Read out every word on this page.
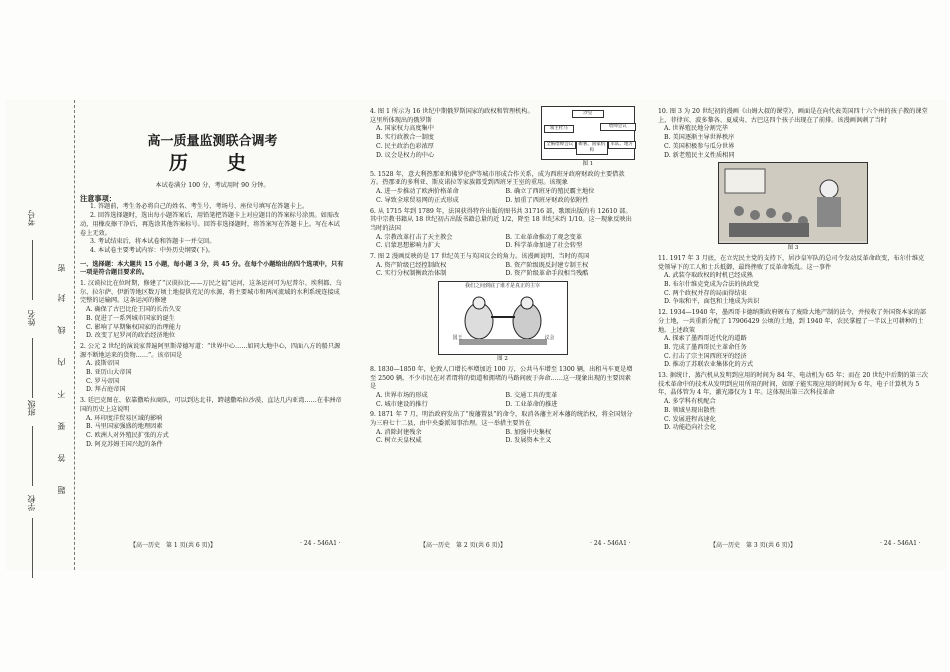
考号
姓名
班级
学校
密
封
线
内
不
要
答
题
高一质量监测联合调考
历　史
本试卷满分 100 分，考试用时 90 分钟。
注意事项：
1. 答题前，考生务必将自己的姓名、考生号、考场号、座位号填写在答题卡上。
2. 回答选择题时，选出每小题答案后，用铅笔把答题卡上对应题目的答案标号涂黑。如需改动，用橡皮擦干净后，再选涂其他答案标号。回答非选择题时，将答案写在答题卡上。写在本试卷上无效。
3. 考试结束后，将本试卷和答题卡一并交回。
4. 本试卷主要考试内容：中外历史纲要(下)。
一、选择题：本大题共 15 小题，每小题 3 分，共 45 分。在每个小题给出的四个选项中，只有一项是符合题目要求的。
1. 汉谟拉比在位时期，修建了“汉谟拉比——万民之福”运河，这条运河可为尼普尔、埃利都、乌尔、拉尔萨、伊新等地区数万顷土地提供充足的水源，将主要城市和两河流域的水利系统连接成完整的运输网。这条运河的修建
A. 确保了古巴比伦王国的长治久安
B. 促进了一系列城市国家的诞生
C. 影响了早期集权国家的治理能力
D. 改变了尼罗河的政治经济地位
2. 公元 2 世纪的演说家普遍阿里斯蒂德写道：“世界中心……如同大地中心，四面八方的船只源源不断地运来的货物……”。该帝国是
A. 波斯帝国
B. 亚历山大帝国
C. 罗马帝国
D. 拜占庭帝国
3. 廷巴克图在、依靠撒哈拉商队，可以到达北非，跨越撒哈拉沙漠，直达几内亚湾……在非洲帝国的历史上这说明
A. 环印度洋贸易区域的影响
B. 马里国家强盛的地理因素
C. 欧洲人对外殖民扩张的方式
D. 阿克苏姆王国兴起的条件
【高一历史　第 1 页(共 6 页)】	· 24 - 546A1 ·
4. 图 1 所示为 16 世纪中期俄罗斯国家的政权和管理机构。这里所体现出的俄罗斯
A. 国家权力高度集中
B. 实行政教合一制度
C. 民主政治色彩浓厚
D. 议会是权力的中心
沙皇
领主杜马	缙绅会议
全俄缙绅会议	衙署、国家机构
军队、地方
图 1
5. 1528 年，意大利热那亚和佛罗伦萨等城市形成合作关系，成为西班牙政府财政的主要借款方。热那亚的多利亚、斯皮诺拉等家族都受到西班牙王室的重用。该现象
A. 进一步推动了欧洲价格革命	B. 确立了西班牙的殖民霸主地位
C. 导致全球贸易网的正式形成	D. 加重了西班牙财政的依附性
6. 从 1715 年到 1789 年，法国获得特许出版的图书共 31716 部，歌颂出版的有 12610 部。其中宗教书籍从 18 世纪初占出版书籍总量的近 1/2，降至 18 世纪末约 1/10。这一现象反映出当时的法国
A. 宗教改革打击了天主教会	B. 工业革命推动了观念变革
C. 启蒙思想影响力扩大	D. 科学革命加速了社会转型
7. 图 2 漫画反映的是 17 世纪英王与英国议会的角力。该漫画说明，当时的英国
A. 资产阶级已经控制政权	B. 资产阶级既反封建专制王权
C. 实行分权制衡政治体制	D. 资产阶级革命手段相当残酷
我们之间到底了谁才是真正的主宰
国王	议会
图 2
8. 1830—1850 年，伦敦人口增长率增加近 100 万，公共马车增至 1300 辆，出租马车更是增至 2500 辆。不少市民在对者谓将的街道和拥堵的马路间疲于奔命……这一现象出现的主要因素是
A. 世界市场的形成	B. 交通工具的变革
C. 城市建设的推行	D. 工业革命的推进
9. 1871 年 7 月，明治政府发出了“废藩置县”的命令，取消各藩主对本藩的统治权，将全国划分为三府七十二县，由中央委派知事治理。这一举措主要旨在
A. 消除封建残余	B. 加强中央集权
C. 树立天皇权威	D. 发展资本主义
【高一历史　第 2 页(共 6 页)】	· 24 - 546A1 ·
10. 图 3 为 20 世纪初的漫画《山姆大叔的课堂》，画面是在向代表美国四十六个州的孩子教的课堂上，菲律宾、波多黎各、夏威夷、古巴这四个孩子出现在了前排。该漫画讽刺了当时
A. 世界殖民地分割完毕
B. 美国逐渐主导世界秩序
C. 美国积极参与瓜分世界
D. 新老殖民主义性质相同
图 3
11. 1917 年 3 月底，在立宪民主党的支持下，居沙皇军队的总司令发动反革命政变，布尔什维克党领导下的工人和士兵抵御，最终挫败了反革命叛乱。这一事件
A. 武装夺取政权的时机已经成熟
B. 布尔什维克党成为合法的执政党
C. 两个政权并存的局面得结束
D. 争取和平，面包和土地成为共识
12. 1934—1940 年，墨西哥卡德纳斯政府颁布了废除大地产制的法令，并按收了外国资本家的部分土地，一共重新分配了 17906429 公顷的土地，到 1940 年，农民掌握了一半以上可耕种的土地。上述政策
A. 探索了墨西哥近代化的道路
B. 完成了墨西哥民主革命任务
C. 打击了宗主国西班牙的经济
D. 推动了苏联农业集体化的方式
13. 据统计，蒸汽机从发明到应用的时间为 84 年，电动机为 65 年；而在 20 世纪中后期的第三次技术革命中的技术从发明到应用所用的时间，如原子能实现应用的时间为 6 年，电子计算机为 5 年，晶体管为 4 年，激光器仅为 1 年。这体现出第三次科技革命
A. 多学科有机配合
B. 领域呈现出散性
C. 发展进程高速化
D. 功能趋向社会化
【高一历史　第 3 页(共 6 页)】	· 24 - 546A1 ·
